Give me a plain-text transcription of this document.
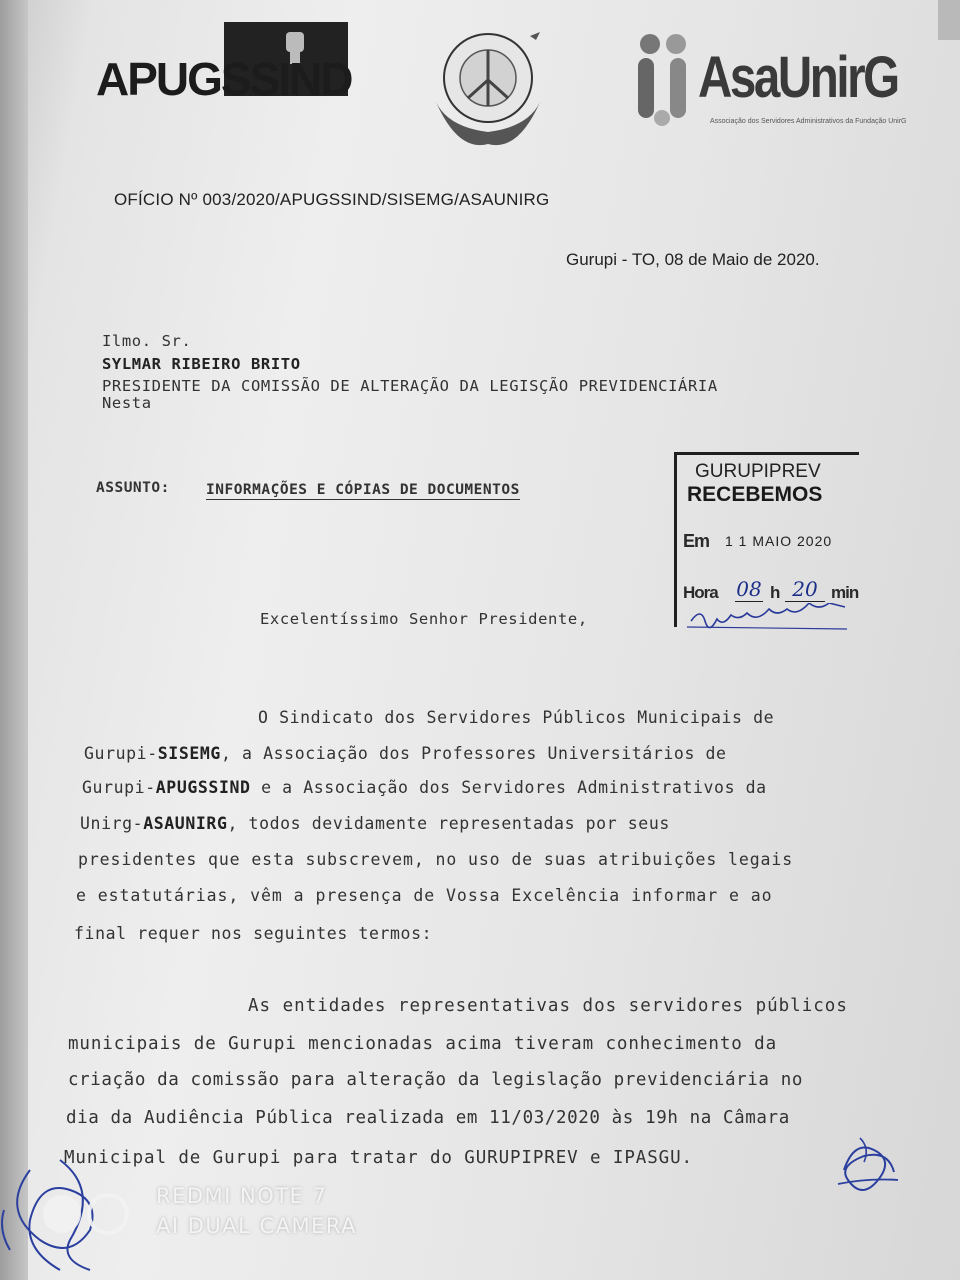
APUGSSIND	AsaUnirG
Associação dos Servidores Administrativos da Fundação UnirG
OFÍCIO Nº 003/2020/APUGSSIND/SISEMG/ASAUNIRG
Gurupi - TO, 08 de Maio de 2020.
Ilmo. Sr.
SYLMAR RIBEIRO BRITO
PRESIDENTE DA COMISSÃO DE ALTERAÇÃO DA LEGISÇÃO PREVIDENCIÁRIA
Nesta
ASSUNTO: INFORMAÇÕES E CÓPIAS DE DOCUMENTOS
GURUPIPREV
RECEBEMOS
Em 1 1 MAIO 2020
Hora 08 h 20 min
Excelentíssimo Senhor Presidente,
O Sindicato dos Servidores Públicos Municipais de
Gurupi-SISEMG, a Associação dos Professores Universitários de
Gurupi-APUGSSIND e a Associação dos Servidores Administrativos da
Unirg-ASAUNIRG, todos devidamente representadas por seus
presidentes que esta subscrevem, no uso de suas atribuições legais
e estatutárias, vêm a presença de Vossa Excelência informar e ao
final requer nos seguintes termos:
As entidades representativas dos servidores públicos
municipais de Gurupi mencionadas acima tiveram conhecimento da
criação da comissão para alteração da legislação previdenciária no
dia da Audiência Pública realizada em 11/03/2020 às 19h na Câmara
Municipal de Gurupi para tratar do GURUPIPREV e IPASGU.
REDMI NOTE 7
AI DUAL CAMERA
